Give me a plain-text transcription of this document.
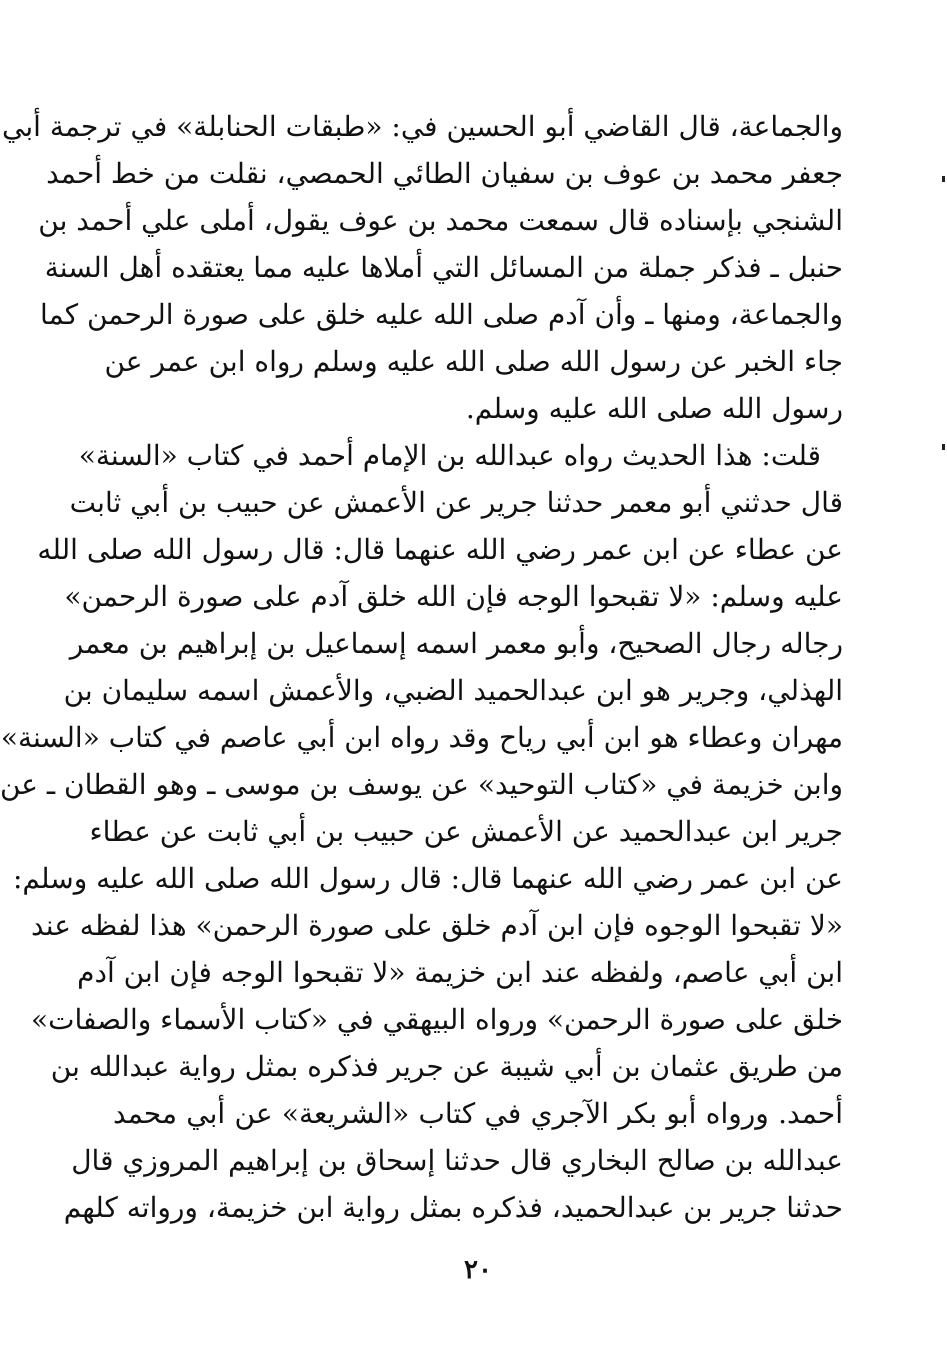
والجماعة، قال القاضي أبو الحسين في: «طبقات الحنابلة» في ترجمة أبي
جعفر محمد بن عوف بن سفيان الطائي الحمصي، نقلت من خط أحمد
الشنجي بإسناده قال سمعت محمد بن عوف يقول، أملى علي أحمد بن
حنبل ـ فذكر جملة من المسائل التي أملاها عليه مما يعتقده أهل السنة
والجماعة، ومنها ـ وأن آدم صلى الله عليه خلق على صورة الرحمن كما
جاء الخبر عن رسول الله صلى الله عليه وسلم رواه ابن عمر عن
رسول الله صلى الله عليه وسلم.
قلت: هذا الحديث رواه عبدالله بن الإمام أحمد في كتاب «السنة»
قال حدثني أبو معمر حدثنا جرير عن الأعمش عن حبيب بن أبي ثابت
عن عطاء عن ابن عمر رضي الله عنهما قال: قال رسول الله صلى الله
عليه وسلم: «لا تقبحوا الوجه فإن الله خلق آدم على صورة الرحمن»
رجاله رجال الصحيح، وأبو معمر اسمه إسماعيل بن إبراهيم بن معمر
الهذلي، وجرير هو ابن عبدالحميد الضبي، والأعمش اسمه سليمان بن
مهران وعطاء هو ابن أبي رياح وقد رواه ابن أبي عاصم في كتاب «السنة»
وابن خزيمة في «كتاب التوحيد» عن يوسف بن موسى ـ وهو القطان ـ عن
جرير ابن عبدالحميد عن الأعمش عن حبيب بن أبي ثابت عن عطاء
عن ابن عمر رضي الله عنهما قال: قال رسول الله صلى الله عليه وسلم:
«لا تقبحوا الوجوه فإن ابن آدم خلق على صورة الرحمن» هذا لفظه عند
ابن أبي عاصم، ولفظه عند ابن خزيمة «لا تقبحوا الوجه فإن ابن آدم
خلق على صورة الرحمن» ورواه البيهقي في «كتاب الأسماء والصفات»
من طريق عثمان بن أبي شيبة عن جرير فذكره بمثل رواية عبدالله بن
أحمد. ورواه أبو بكر الآجري في كتاب «الشريعة» عن أبي محمد
عبدالله بن صالح البخاري قال حدثنا إسحاق بن إبراهيم المروزي قال
حدثنا جرير بن عبدالحميد، فذكره بمثل رواية ابن خزيمة، ورواته كلهم
٢٠
